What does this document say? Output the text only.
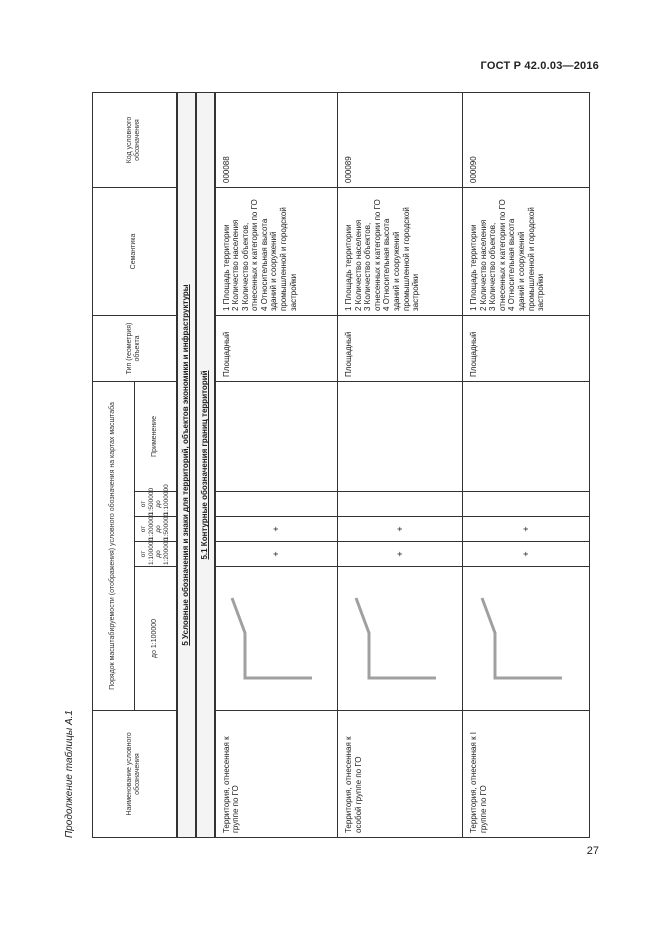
ГОСТ Р 42.0.03—2016
Продолжение таблицы А.1	Наименование условного обозначения	Порядок масштабируемости (отображения) условного обозначения на картах масштаба					Тип (геометрия) объекта	Семантика	Код условного обозначения
	до 1:100000	от 1:100000 до 1:200000	от 1:200000 до 1:500000	от 1:500000 до 1:1000000	Применение			
5 Условные обозначения и знаки для территорий, объектов экономики и инфраструктуры								
5.1 Контурные обозначения границ территорий								
Территория, отнесенная к группе по ГО		+	+			Площадный	1 Площадь территории
2 Количество населения
3 Количество объектов, отнесенных к категории по ГО
4 Относительная высота зданий и сооружений промышленной и городской застройки	000088
Территория, отнесенная к особой группе по ГО		+	+			Площадный	1 Площадь территории
2 Количество населения
3 Количество объектов, отнесенных к категории по ГО
4 Относительная высота зданий и сооружений промышленной и городской застройки	000089
Территория, отнесенная к I группе по ГО		+	+			Площадный	1 Площадь территории
2 Количество населения
3 Количество объектов, отнесенных к категории по ГО
4 Относительная высота зданий и сооружений промышленной и городской застройки	000090
27
